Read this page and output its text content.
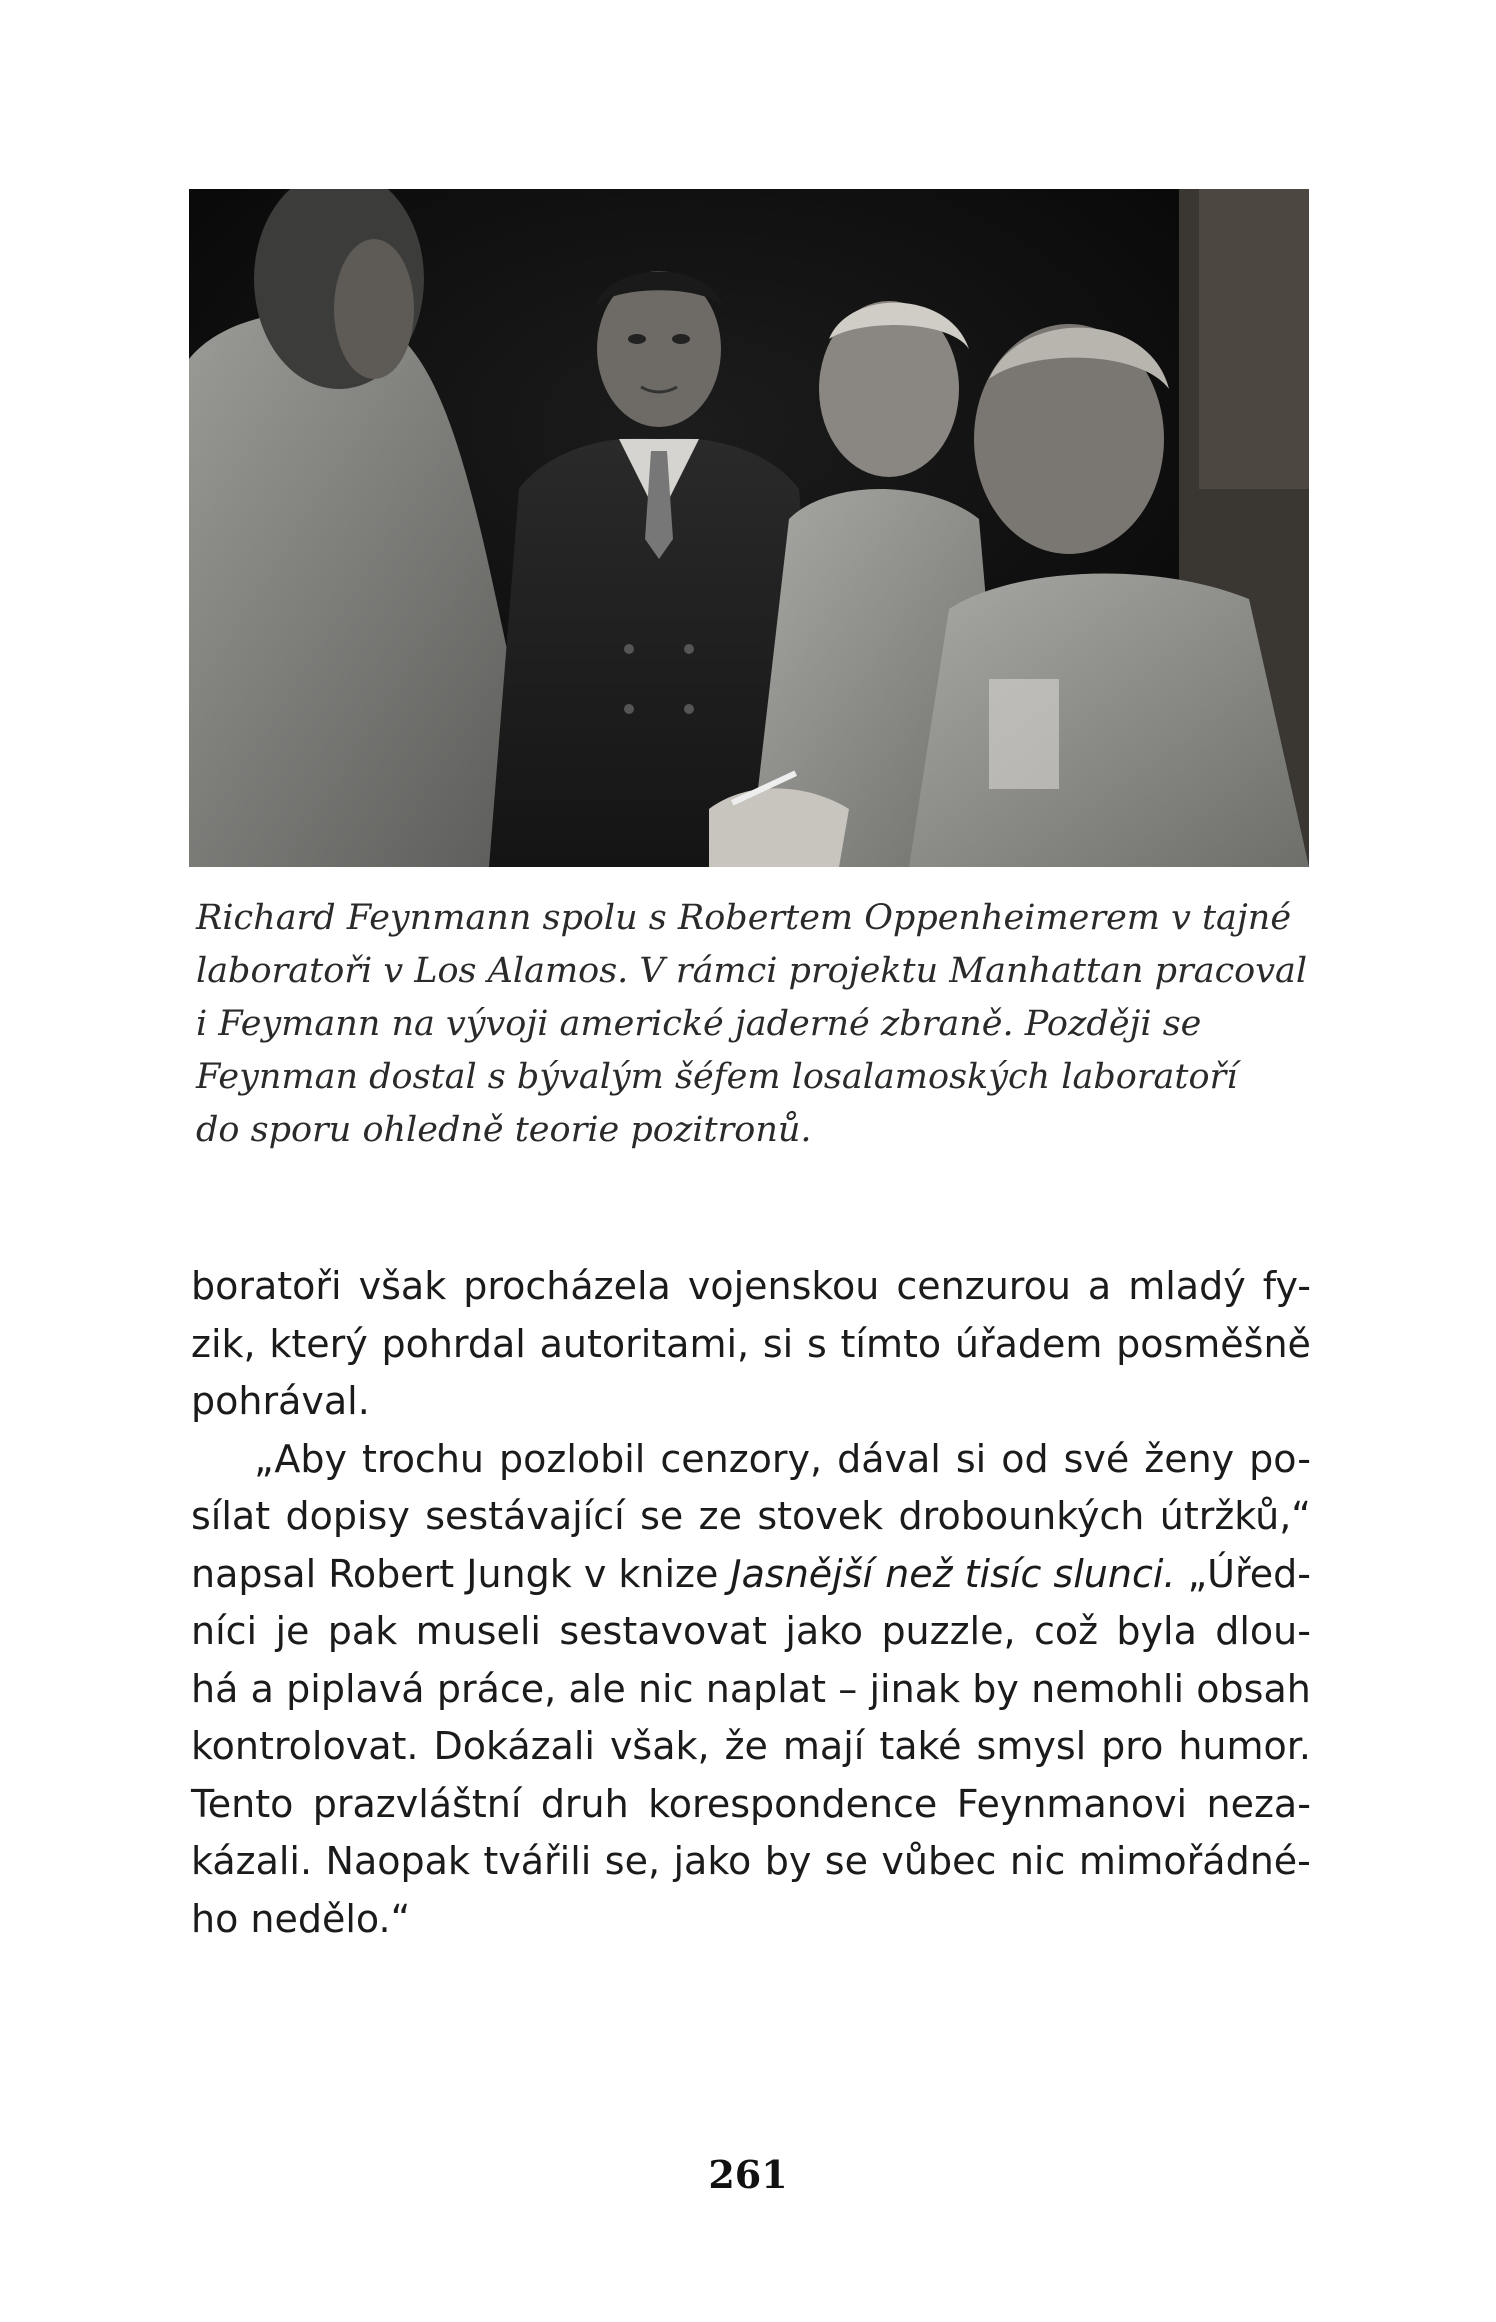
Richard Feynmann spolu s Robertem Oppenheimerem v tajné
laboratoři v Los Alamos. V rámci projektu Manhattan pracoval
i Feymann na vývoji americké jaderné zbraně. Později se
Feynman dostal s bývalým šéfem losalamoských laboratoří
do sporu ohledně teorie pozitronů.
boratoři však procházela vojenskou cenzurou a mladý fy-
zik, který pohrdal autoritami, si s tímto úřadem posměšně
pohrával.
„Aby trochu pozlobil cenzory, dával si od své ženy po-
sílat dopisy sestávající se ze stovek drobounkých útržků,“
napsal Robert Jungk v knize Jasnější než tisíc slunci. „Úřed-
níci je pak museli sestavovat jako puzzle, což byla dlou-
há a piplavá práce, ale nic naplat – jinak by nemohli obsah
kontrolovat. Dokázali však, že mají také smysl pro humor.
Tento prazvláštní druh korespondence Feynmanovi neza-
kázali. Naopak tvářili se, jako by se vůbec nic mimořádné-
ho nedělo.“
261
